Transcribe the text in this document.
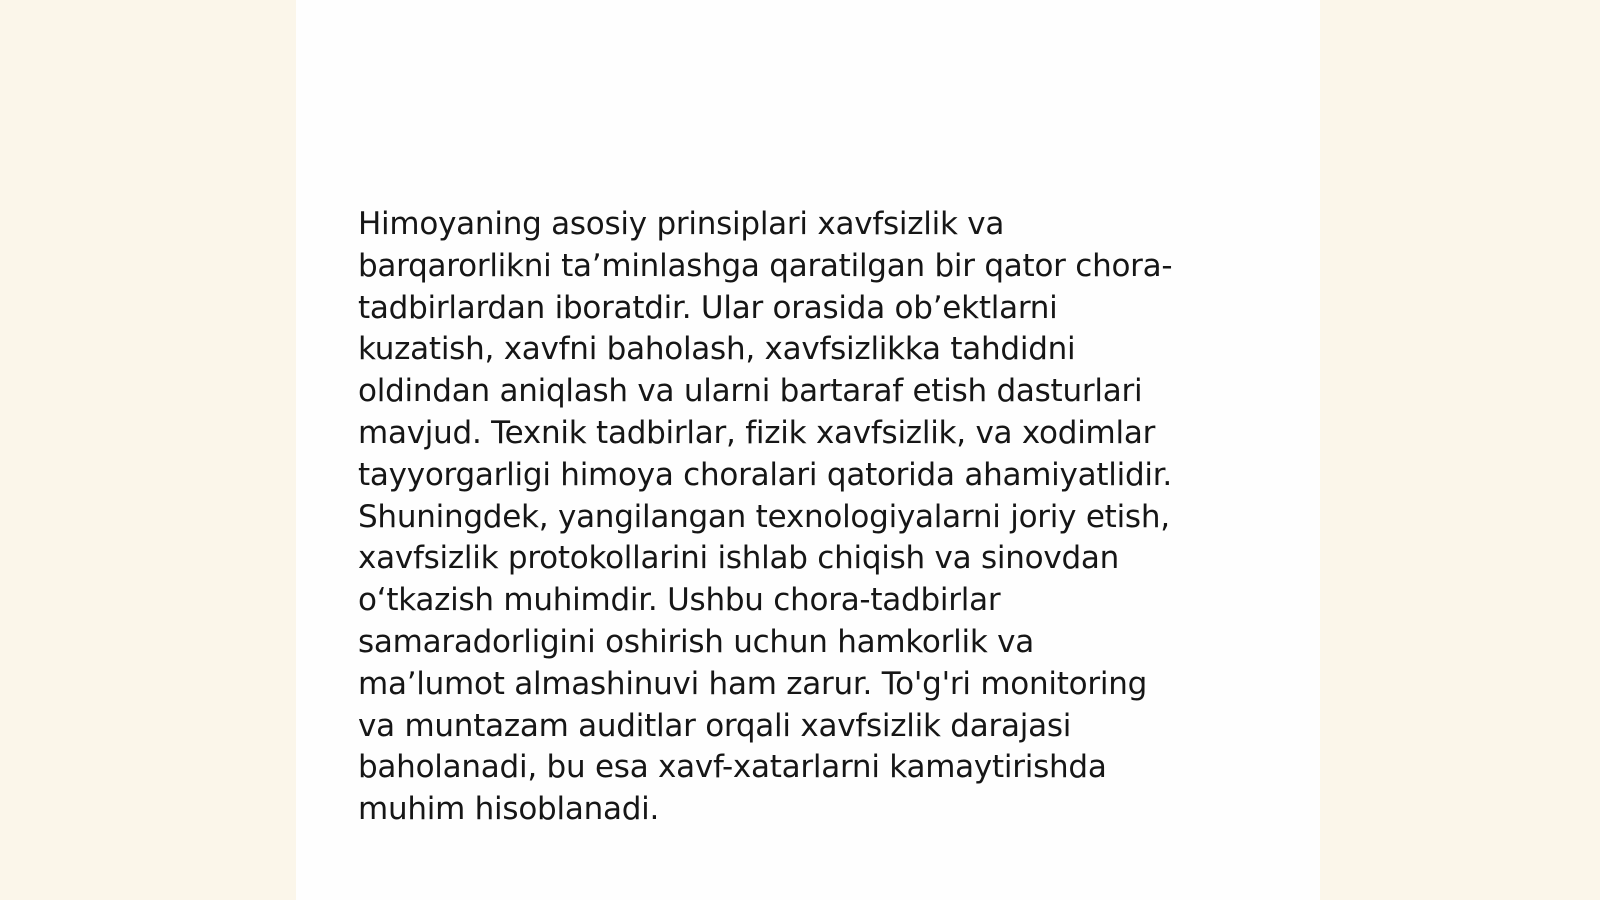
Himoyaning asosiy prinsiplari xavfsizlik va
barqarorlikni ta’minlashga qaratilgan bir qator chora-
tadbirlardan iboratdir. Ular orasida ob’ektlarni
kuzatish, xavfni baholash, xavfsizlikka tahdidni
oldindan aniqlash va ularni bartaraf etish dasturlari
mavjud. Texnik tadbirlar, fizik xavfsizlik, va xodimlar
tayyorgarligi himoya choralari qatorida ahamiyatlidir.
Shuningdek, yangilangan texnologiyalarni joriy etish,
xavfsizlik protokollarini ishlab chiqish va sinovdan
o‘tkazish muhimdir. Ushbu chora-tadbirlar
samaradorligini oshirish uchun hamkorlik va
ma’lumot almashinuvi ham zarur. To'g'ri monitoring
va muntazam auditlar orqali xavfsizlik darajasi
baholanadi, bu esa xavf-xatarlarni kamaytirishda
muhim hisoblanadi.
